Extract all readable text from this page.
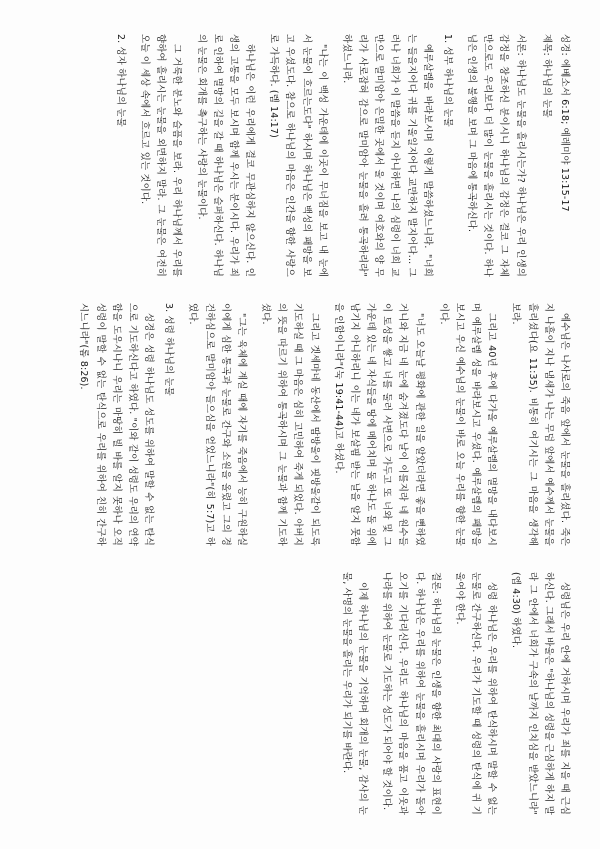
성경: 에베소서 6:18; 예레미야 13:15-17
제목: 하나님의 눈물

서론: 하나님도 눈물을 흘리시는가? 하나님은 우리 인생의 감정을 창조하신 분이시니 하나님의 감정은 결코 그 자체만으로도 우리보다 더 많이 눈물을 흘리시는 것이다. 하나님은 인생의 불행을 보며 그 마음에 통곡하신다.

1. 성부 하나님의 눈물

예루살렘을 바라보시며 이렇게 말씀하셨느니라. "너희는 들을지어다 귀를 기울일지어다 교만하지 말지어다... 그러나 너희가 이 말씀을 듣지 아니하면 나의 심령이 너희 교만으로 말미암아 은밀한 곳에서 울 것이며 여호와의 양 무리가 사로잡혀 감으로 말미암아 눈물을 흘려 통곡하리라" 하셨느니라.

"나는 이 백성 가운데에 이곳이 무너짐을 보고 내 눈에서 눈물이 흐르는도다" 하시며 하나님은 백성의 패망을 보고 우셨도다. 참으로 하나님의 마음은 인간을 향한 사랑으로 가득하다. (렘 14:17)

하나님은 이런 우리에게 결코 무관심하지 않으신다. 인생의 고통을 모두 보시며 함께 우시는 분이시다. 우리가 죄로 인하여 멸망의 길을 갈 때 하나님은 슬퍼하신다. 하나님의 눈물은 회개를 촉구하는 사랑의 눈물이다.

그 거룩한 분노와 슬픔을 보라. 우리 하나님께서 우리를 향하여 흘리시는 눈물을 외면하지 말라. 그 눈물은 여전히 오늘 이 세상 속에서 흐르고 있는 것이다.

2. 성자 하나님의 눈물

예수님은 나사로의 죽음 앞에서 눈물을 흘리셨다. 죽은 지 나흘이 지나 냄새가 나는 무덤 앞에서 예수께서 눈물을 흘리셨다(요 11:35). 비통히 여기시는 그 마음을 생각해 보라.

그리고 40년 후에 다가올 예루살렘의 멸망을 내다보시며 예루살렘 성을 바라보시고 우셨다. 예루살렘의 패망을 보시고 우신 예수님의 눈물이 바로 오늘 우리를 향한 눈물이다.

"너도 오늘날 평화에 관한 일을 알았더라면 좋을 뻔하였거니와 지금 네 눈에 숨겨졌도다 날이 이를지라 네 원수들이 토성을 쌓고 너를 둘러 사면으로 가두고 또 너와 및 그 가운데 있는 네 자식들을 땅에 메어치며 돌 하나도 돌 위에 남기지 아니하리니 이는 네가 보살핌 받는 날을 알지 못함을 인함이니라"(눅 19:41-44)고 하셨다.

그리고 겟세마네 동산에서 땀방울이 핏방울같이 되도록 기도하실 때 그 마음은 심히 고민하여 죽게 되었다. 아버지의 뜻을 따르기 위하여 통곡하시며 그 눈물과 함께 기도하셨다.

"그는 육체에 계실 때에 자기를 죽음에서 능히 구원하실 이에게 심한 통곡과 눈물로 간구와 소원을 올렸고 그의 경건하심으로 말미암아 들으심을 얻었느니라"(히 5:7)고 하였다.

3. 성령 하나님의 눈물

성경은 성령 하나님도 성도를 위하여 말할 수 없는 탄식으로 기도하신다고 하였다. "이와 같이 성령도 우리의 연약함을 도우시나니 우리는 마땅히 빌 바를 알지 못하나 오직 성령이 말할 수 없는 탄식으로 우리를 위하여 친히 간구하시느니라"(롬 8:26).

성령님은 우리 안에 거하시며 우리가 죄를 지을 때 근심하신다. 그래서 바울은 "하나님의 성령을 근심하게 하지 말라 그 안에서 너희가 구속의 날까지 인치심을 받았느니라"(엡 4:30) 하였다.

성령 하나님은 우리를 위하여 탄식하시며 말할 수 없는 눈물로 간구하신다. 우리가 기도할 때 성령의 탄식에 귀 기울여야 한다.

결론: 하나님의 눈물은 인생을 향한 최대의 사랑의 표현이다. 하나님은 우리를 위하여 눈물을 흘리시며 우리가 돌아오기를 기다리신다. 우리도 하나님의 마음을 품고 이웃과 나라를 위하여 눈물로 기도하는 성도가 되어야 할 것이다.

이제 하나님의 눈물을 기억하며 회개의 눈물, 감사의 눈물, 사명의 눈물을 흘리는 우리가 되기를 바란다.
